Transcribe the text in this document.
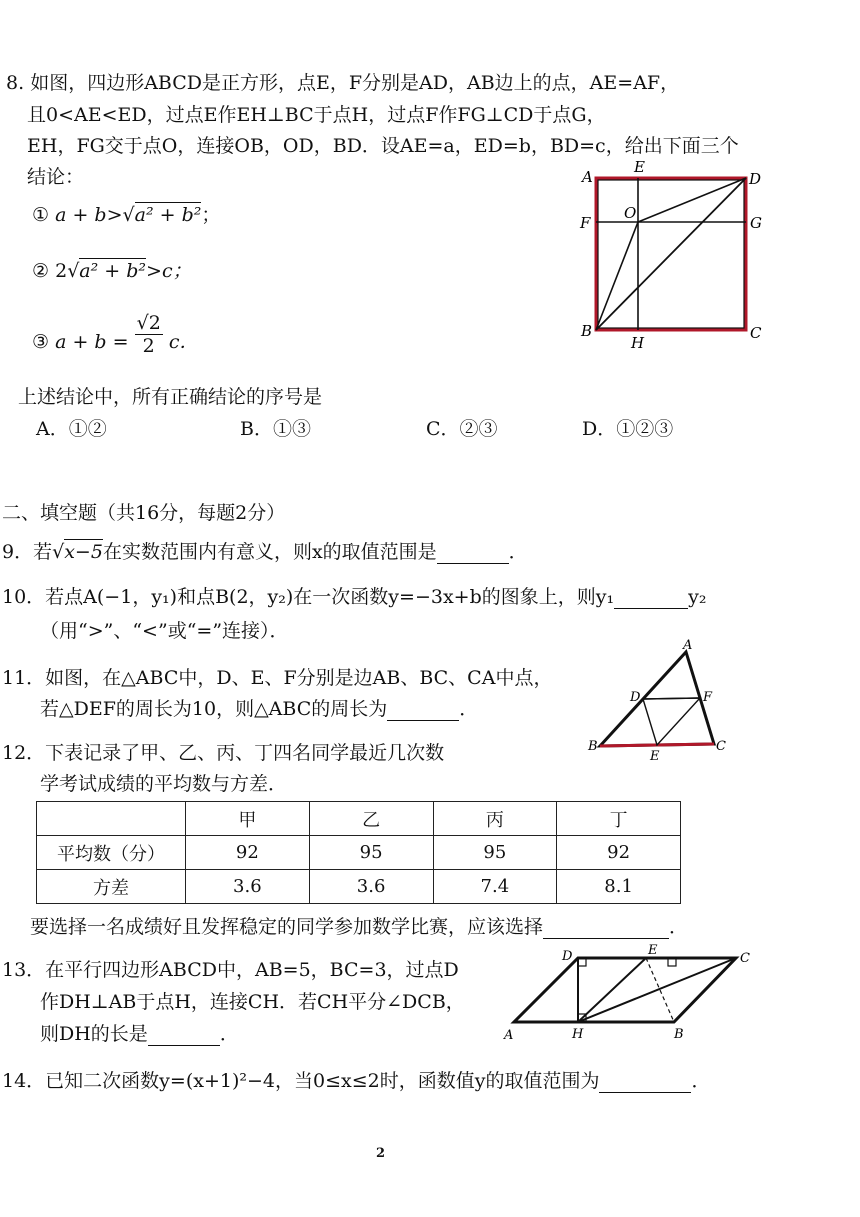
8. 如图，四边形ABCD是正方形，点E，F分别是AD，AB边上的点，AE=AF，
且0<AE<ED，过点E作EH⊥BC于点H，过点F作FG⊥CD于点G，
EH，FG交于点O，连接OB，OD，BD．设AE=a，ED=b，BD=c，给出下面三个
结论：
① a + b>√a² + b²；
② 2√a² + b²>c；
③ $a + b = \frac{√2}{2}$ c．
上述结论中，所有正确结论的序号是
A．①②	B．①③	C．②③	D．①②③
A
E
D
F
O
G
B
H
C
二、填空题（共16分，每题2分）
9．若√x−5在实数范围内有意义，则x的取值范围是	．
10．若点A(−1，y₁)和点B(2，y₂)在一次函数y=−3x+b的图象上，则y₁	y₂
（用“>”、“<”或“=”连接）．
11．如图，在△ABC中，D、E、F分别是边AB、BC、CA中点，
若△DEF的周长为10，则△ABC的周长为	．
A
D	F
B
E
C
12．下表记录了甲、乙、丙、丁四名同学最近几次数
学考试成绩的平均数与方差．
	甲	乙	丙	丁
平均数（分）	92	95	95	92
方差	3.6	3.6	7.4	8.1
要选择一名成绩好且发挥稳定的同学参加数学比赛，应该选择	．
13．在平行四边形ABCD中，AB=5，BC=3，过点D
作DH⊥AB于点H，连接CH．若CH平分∠DCB，
则DH的长是	．
D	E
C
A	H	B
14．已知二次函数y=(x+1)²−4，当0≤x≤2时，函数值y的取值范围为	．
2
